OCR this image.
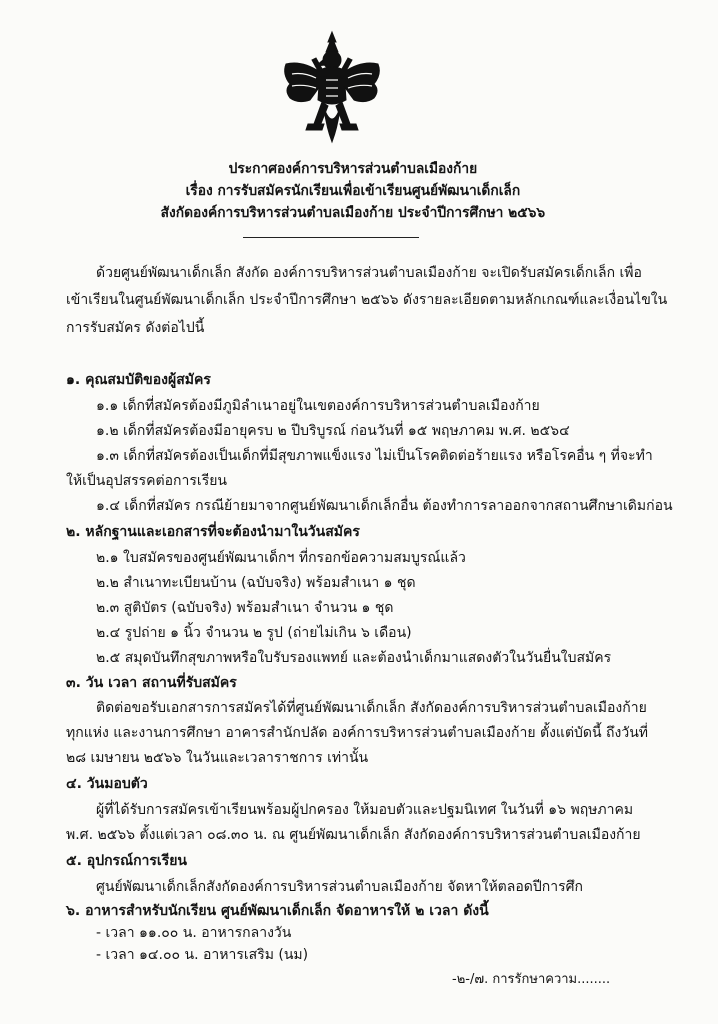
ประกาศองค์การบริหารส่วนตำบลเมืองก้าย
เรื่อง การรับสมัครนักเรียนเพื่อเข้าเรียนศูนย์พัฒนาเด็กเล็ก
สังกัดองค์การบริหารส่วนตำบลเมืองก้าย ประจำปีการศึกษา ๒๕๖๖
ด้วยศูนย์พัฒนาเด็กเล็ก สังกัด องค์การบริหารส่วนตำบลเมืองก้าย จะเปิดรับสมัครเด็กเล็ก เพื่อ
เข้าเรียนในศูนย์พัฒนาเด็กเล็ก ประจำปีการศึกษา ๒๕๖๖ ดังรายละเอียดตามหลักเกณฑ์และเงื่อนไขใน
การรับสมัคร ดังต่อไปนี้
๑. คุณสมบัติของผู้สมัคร
๑.๑ เด็กที่สมัครต้องมีภูมิลำเนาอยู่ในเขตองค์การบริหารส่วนตำบลเมืองก้าย
๑.๒ เด็กที่สมัครต้องมีอายุครบ ๒ ปีบริบูรณ์ ก่อนวันที่ ๑๕ พฤษภาคม พ.ศ. ๒๕๖๔
๑.๓ เด็กที่สมัครต้องเป็นเด็กที่มีสุขภาพแข็งแรง ไม่เป็นโรคติดต่อร้ายแรง หรือโรคอื่น ๆ ที่จะทำ
ให้เป็นอุปสรรคต่อการเรียน
๑.๔ เด็กที่สมัคร กรณีย้ายมาจากศูนย์พัฒนาเด็กเล็กอื่น ต้องทำการลาออกจากสถานศึกษาเดิมก่อน
๒. หลักฐานและเอกสารที่จะต้องนำมาในวันสมัคร
๒.๑ ใบสมัครของศูนย์พัฒนาเด็กฯ ที่กรอกข้อความสมบูรณ์แล้ว
๒.๒ สำเนาทะเบียนบ้าน (ฉบับจริง) พร้อมสำเนา ๑ ชุด
๒.๓ สูติบัตร (ฉบับจริง) พร้อมสำเนา จำนวน ๑ ชุด
๒.๔ รูปถ่าย ๑ นิ้ว จำนวน ๒ รูป (ถ่ายไม่เกิน ๖ เดือน)
๒.๕ สมุดบันทึกสุขภาพหรือใบรับรองแพทย์ และต้องนำเด็กมาแสดงตัวในวันยื่นใบสมัคร
๓. วัน เวลา สถานที่รับสมัคร
ติดต่อขอรับเอกสารการสมัครได้ที่ศูนย์พัฒนาเด็กเล็ก สังกัดองค์การบริหารส่วนตำบลเมืองก้าย
ทุกแห่ง และงานการศึกษา อาคารสำนักปลัด องค์การบริหารส่วนตำบลเมืองก้าย ตั้งแต่บัดนี้ ถึงวันที่
๒๘ เมษายน ๒๕๖๖ ในวันและเวลาราชการ เท่านั้น
๔. วันมอบตัว
ผู้ที่ได้รับการสมัครเข้าเรียนพร้อมผู้ปกครอง ให้มอบตัวและปฐมนิเทศ ในวันที่ ๑๖ พฤษภาคม
พ.ศ. ๒๕๖๖ ตั้งแต่เวลา ๐๘.๓๐ น. ณ ศูนย์พัฒนาเด็กเล็ก สังกัดองค์การบริหารส่วนตำบลเมืองก้าย
๕. อุปกรณ์การเรียน
ศูนย์พัฒนาเด็กเล็กสังกัดองค์การบริหารส่วนตำบลเมืองก้าย จัดหาให้ตลอดปีการศึก
๖. อาหารสำหรับนักเรียน ศูนย์พัฒนาเด็กเล็ก จัดอาหารให้ ๒ เวลา ดังนี้
- เวลา ๑๑.๐๐ น. อาหารกลางวัน
- เวลา ๑๔.๐๐ น. อาหารเสริม (นม)
-๒-/๗. การรักษาความ........
